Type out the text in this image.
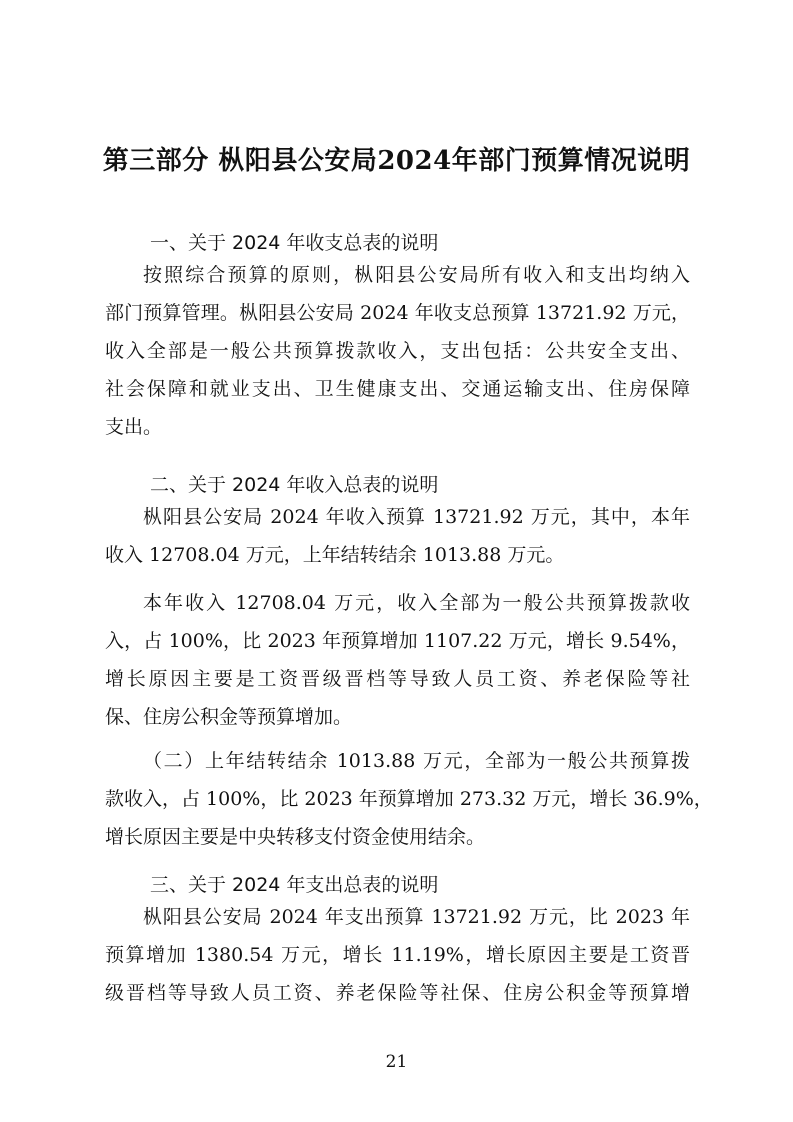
第三部分 枞阳县公安局2024年部门预算情况说明
一、关于 2024 年收支总表的说明
按照综合预算的原则，枞阳县公安局所有收入和支出均纳入
部门预算管理。枞阳县公安局 2024 年收支总预算 13721.92 万元，
收入全部是一般公共预算拨款收入，支出包括：公共安全支出、
社会保障和就业支出、卫生健康支出、交通运输支出、住房保障
支出。
二、关于 2024 年收入总表的说明
枞阳县公安局 2024 年收入预算 13721.92 万元，其中，本年
收入 12708.04 万元，上年结转结余 1013.88 万元。
本年收入 12708.04 万元，收入全部为一般公共预算拨款收
入，占 100%，比 2023 年预算增加 1107.22 万元，增长 9.54%，
增长原因主要是工资晋级晋档等导致人员工资、养老保险等社
保、住房公积金等预算增加。
（二）上年结转结余 1013.88 万元，全部为一般公共预算拨
款收入，占 100%，比 2023 年预算增加 273.32 万元，增长 36.9%，
增长原因主要是中央转移支付资金使用结余。
三、关于 2024 年支出总表的说明
枞阳县公安局 2024 年支出预算 13721.92 万元，比 2023 年
预算增加 1380.54 万元，增长 11.19%，增长原因主要是工资晋
级晋档等导致人员工资、养老保险等社保、住房公积金等预算增
21
